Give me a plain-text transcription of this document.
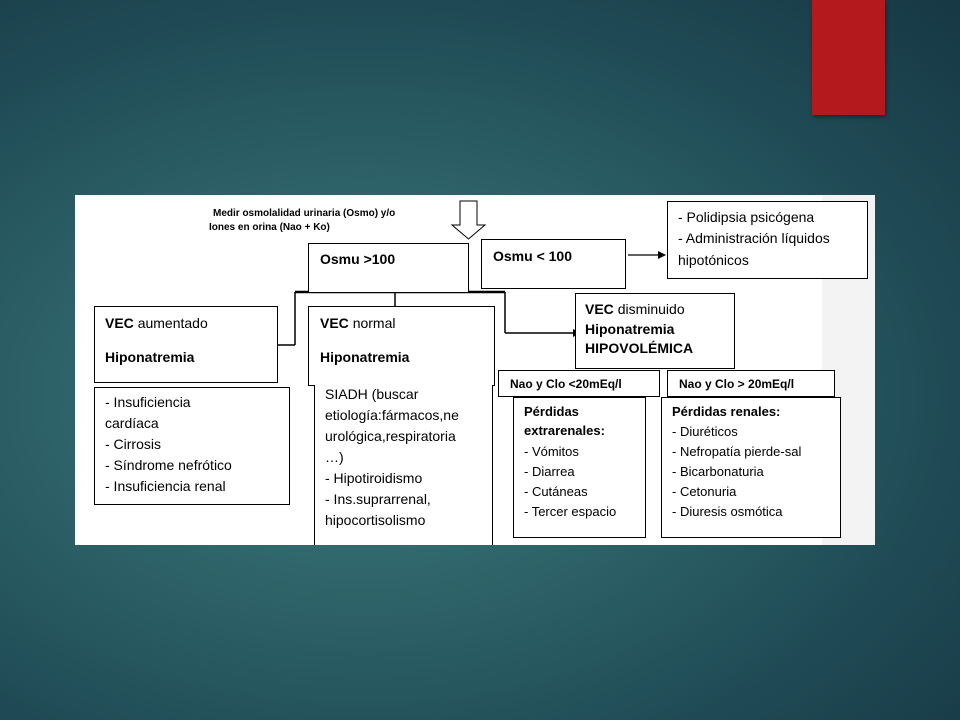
Medir osmolalidad urinaria (Osmo) y/o
Iones en orina (Nao + Ko)
Osmu >100	Osmu < 100
- Polidipsia psicógena
- Administración líquidos
hipotónicos
VEC aumentado
Hiponatremia
- Insuficiencia
cardíaca
- Cirrosis
- Síndrome nefrótico
- Insuficiencia renal
VEC normal
Hiponatremia
SIADH (buscar
etiología:fármacos,ne
urológica,respiratoria
…)
- Hipotiroidismo
- Ins.suprarrenal,
hipocortisolismo
VEC disminuido
Hiponatremia
HIPOVOLÉMICA
Nao y Clo <20mEq/l
Pérdidas
extrarenales:
- Vómitos
- Diarrea
- Cutáneas
- Tercer espacio
Nao y Clo > 20mEq/l
Pérdidas renales:
- Diuréticos
- Nefropatía pierde-sal
- Bicarbonaturia
- Cetonuria
- Diuresis osmótica
